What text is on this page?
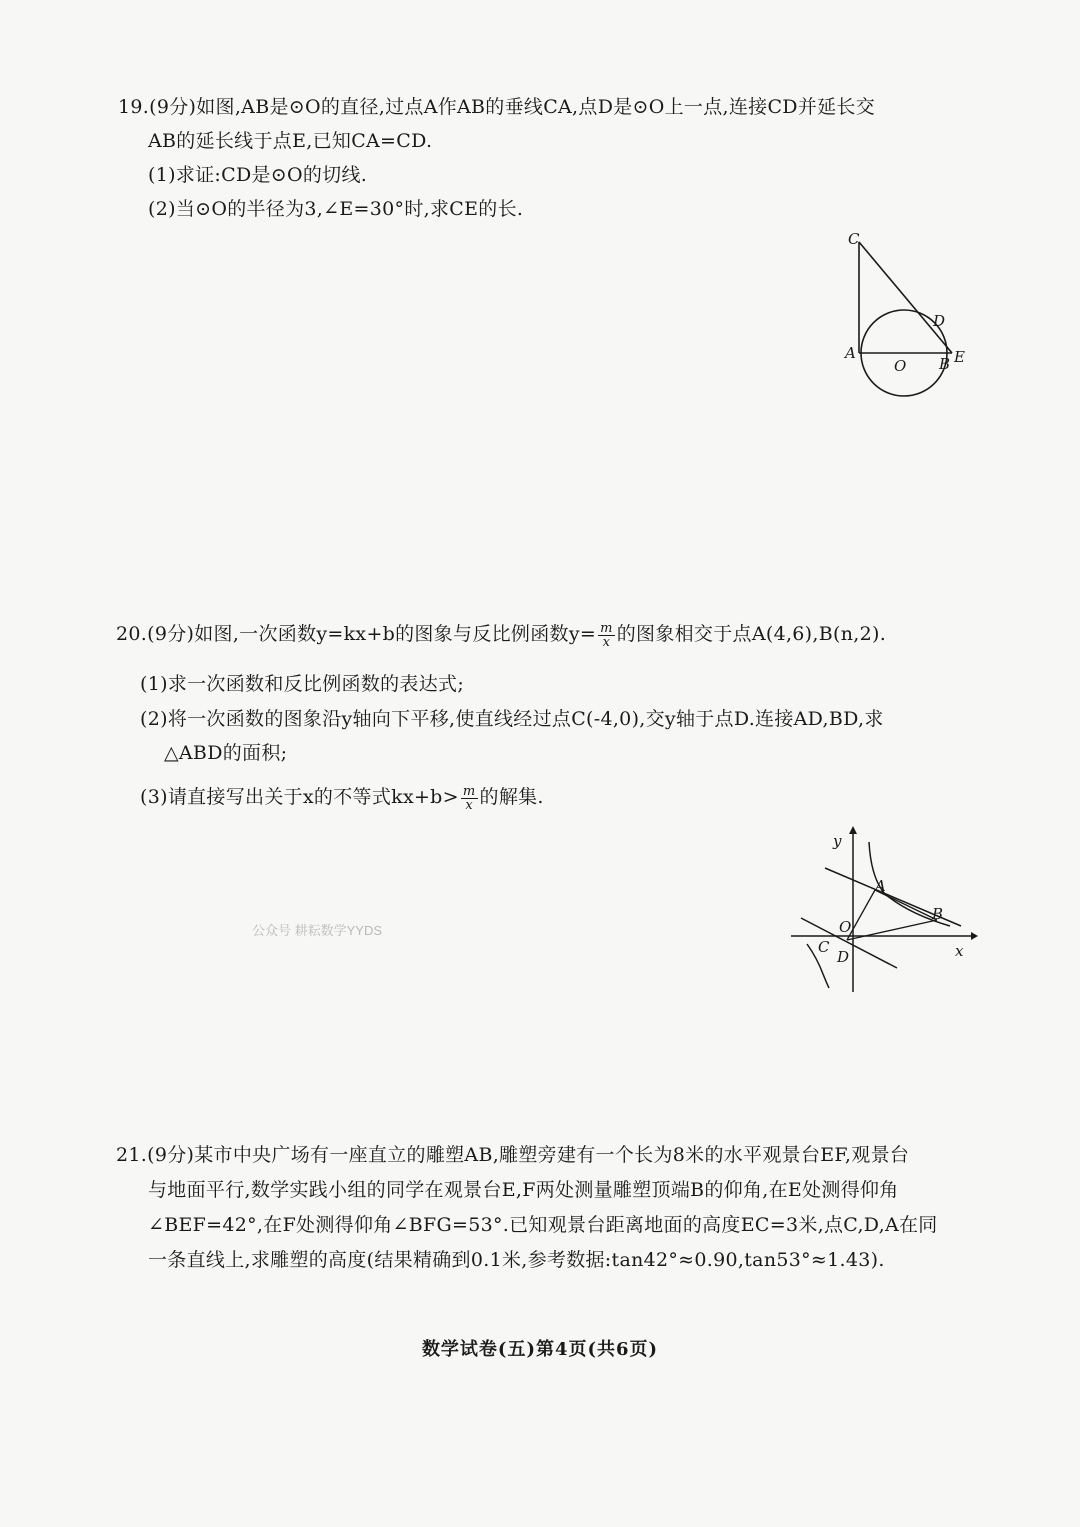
19.(9分)如图,AB是⊙O的直径,过点A作AB的垂线CA,点D是⊙O上一点,连接CD并延长交
AB的延长线于点E,已知CA=CD.
(1)求证:CD是⊙O的切线.
(2)当⊙O的半径为3,∠E=30°时,求CE的长.
C
D
A
O B E
20.(9分)如图,一次函数y=kx+b的图象与反比例函数$y= \frac{m}{x}$ 的图象相交于点A(4,6),B(n,2).
(1)求一次函数和反比例函数的表达式;
(2)将一次函数的图象沿y轴向下平移,使直线经过点C(-4,0),交y轴于点D.连接AD,BD,求
△ABD的面积;
(3)请直接写出关于x的不等式$kx+b> \frac{m}{x}$ 的解集.
y
x
A
B
O
C
D
公众号 耕耘数学YYDS
21.(9分)某市中央广场有一座直立的雕塑AB,雕塑旁建有一个长为8米的水平观景台EF,观景台
与地面平行,数学实践小组的同学在观景台E,F两处测量雕塑顶端B的仰角,在E处测得仰角
∠BEF=42°,在F处测得仰角∠BFG=53°.已知观景台距离地面的高度EC=3米,点C,D,A在同
一条直线上,求雕塑的高度(结果精确到0.1米,参考数据:tan42°≈0.90,tan53°≈1.43).
数学试卷(五)第4页(共6页)
